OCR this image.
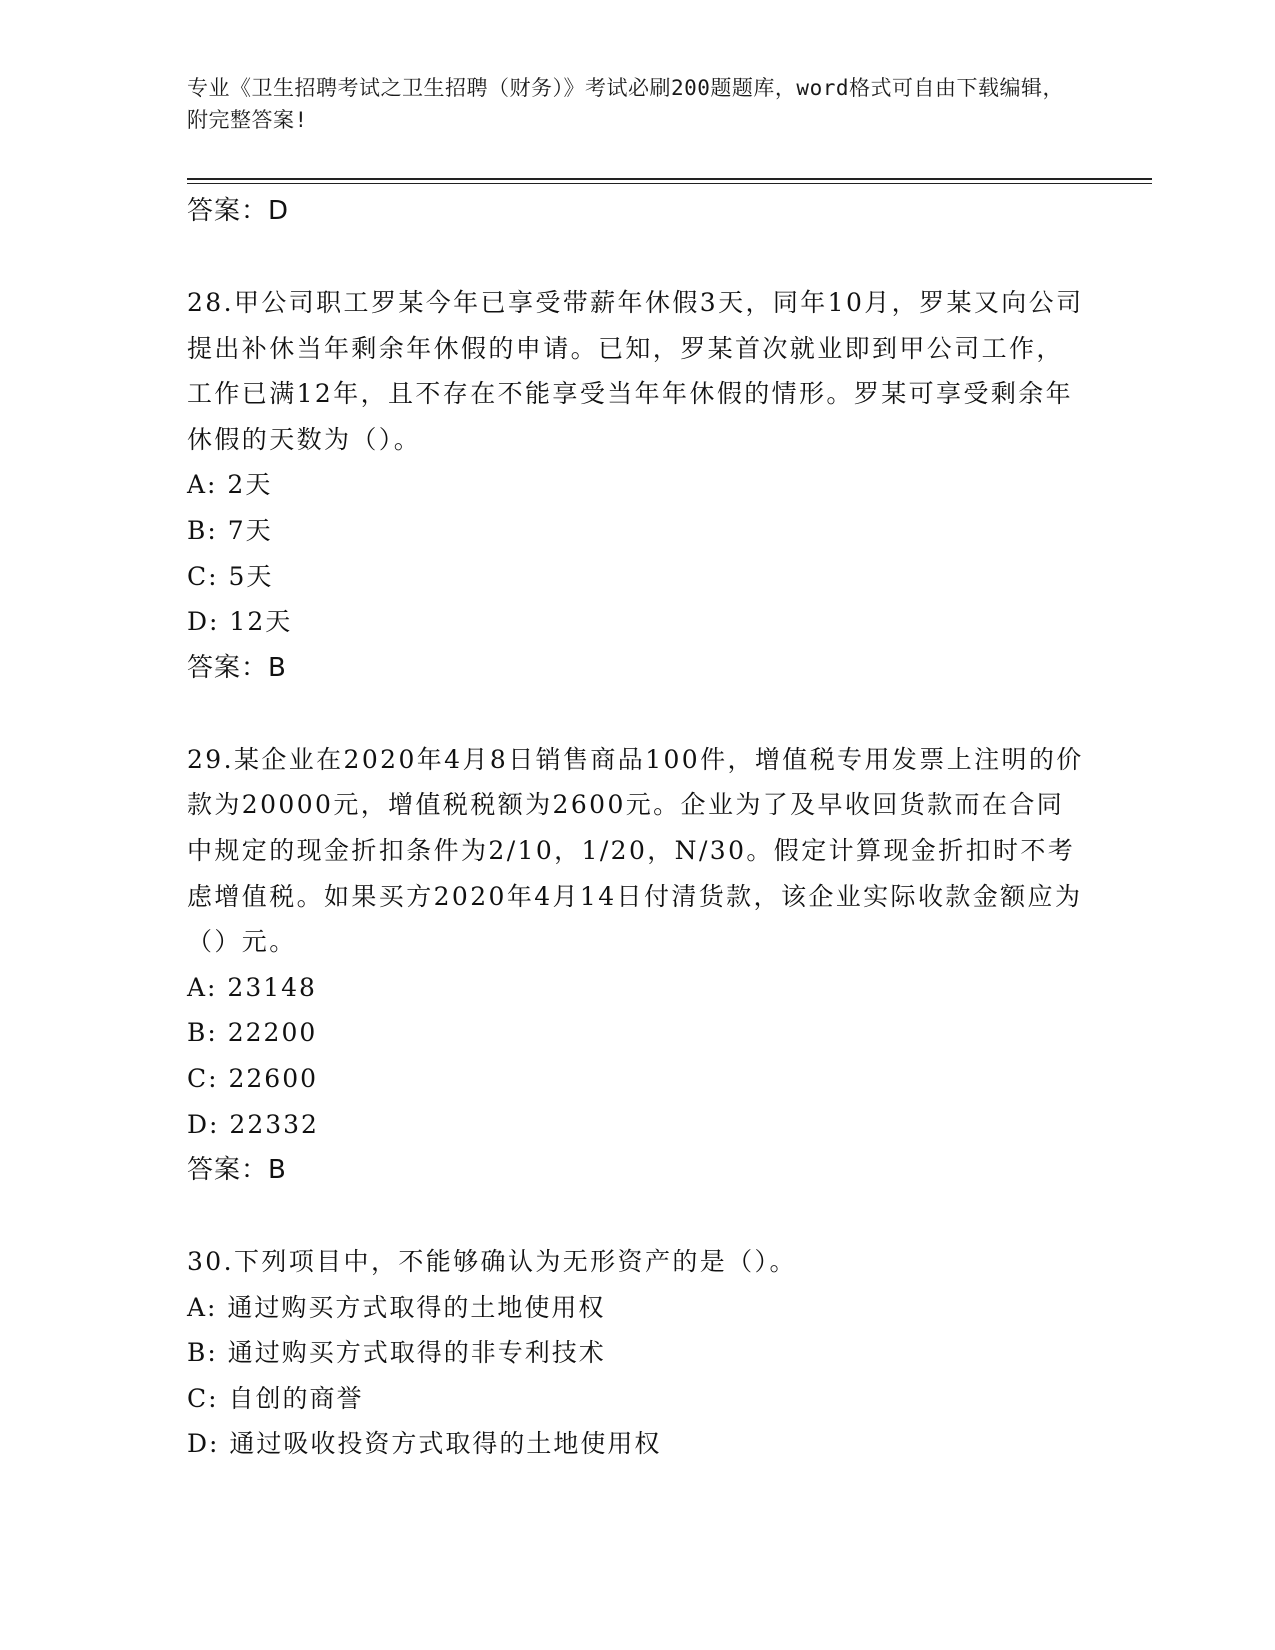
专业《卫生招聘考试之卫生招聘（财务）》考试必刷200题题库，word格式可自由下载编辑，附完整答案!
答案：D
28.甲公司职工罗某今年已享受带薪年休假3天，同年10月，罗某又向公司提出补休当年剩余年休假的申请。已知，罗某首次就业即到甲公司工作，工作已满12年，且不存在不能享受当年年休假的情形。罗某可享受剩余年休假的天数为（）。
A: 2天
B: 7天
C: 5天
D: 12天
答案：B
29.某企业在2020年4月8日销售商品100件，增值税专用发票上注明的价款为20000元，增值税税额为2600元。企业为了及早收回货款而在合同中规定的现金折扣条件为2/10，1/20，N/30。假定计算现金折扣时不考虑增值税。如果买方2020年4月14日付清货款，该企业实际收款金额应为（）元。
A: 23148
B: 22200
C: 22600
D: 22332
答案：B
30.下列项目中，不能够确认为无形资产的是（）。
A: 通过购买方式取得的土地使用权
B: 通过购买方式取得的非专利技术
C: 自创的商誉
D: 通过吸收投资方式取得的土地使用权
